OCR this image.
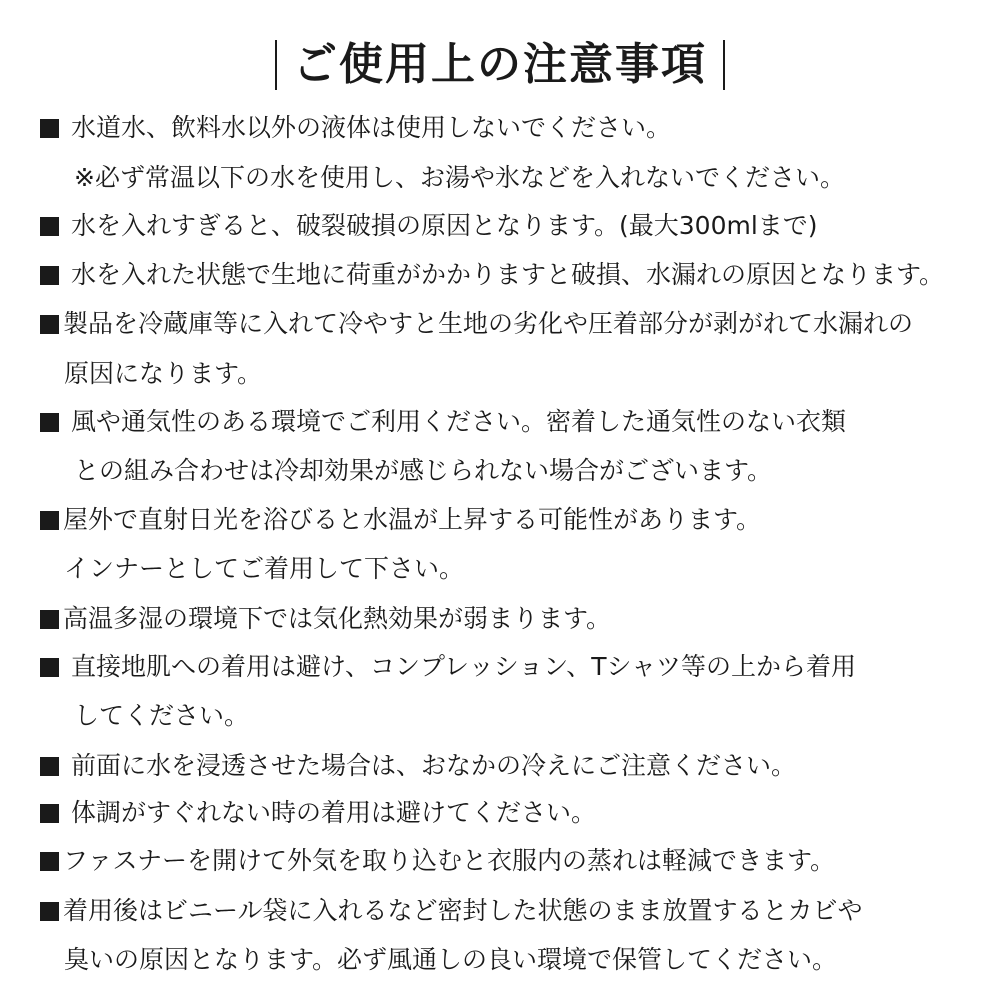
ご使用上の注意事項
水道水、飲料水以外の液体は使用しないでください。
※必ず常温以下の水を使用し、お湯や氷などを入れないでください。
水を入れすぎると、破裂破損の原因となります。(最大300mlまで)
水を入れた状態で生地に荷重がかかりますと破損、水漏れの原因となります。
製品を冷蔵庫等に入れて冷やすと生地の劣化や圧着部分が剥がれて水漏れの
原因になります。
風や通気性のある環境でご利用ください。密着した通気性のない衣類
との組み合わせは冷却効果が感じられない場合がございます。
屋外で直射日光を浴びると水温が上昇する可能性があります。
インナーとしてご着用して下さい。
高温多湿の環境下では気化熱効果が弱まります。
直接地肌への着用は避け、コンプレッション、Tシャツ等の上から着用
してください。
前面に水を浸透させた場合は、おなかの冷えにご注意ください。
体調がすぐれない時の着用は避けてください。
ファスナーを開けて外気を取り込むと衣服内の蒸れは軽減できます。
着用後はビニール袋に入れるなど密封した状態のまま放置するとカビや
臭いの原因となります。必ず風通しの良い環境で保管してください。
